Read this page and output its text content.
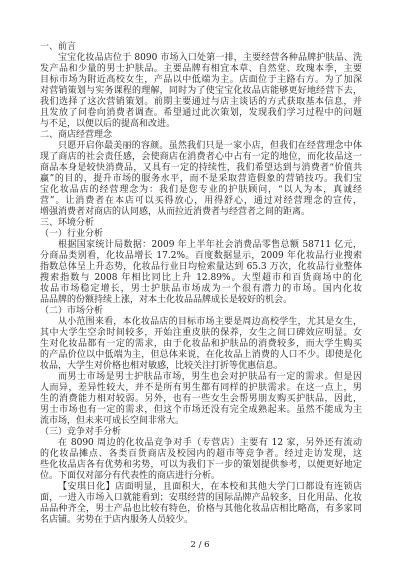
一、前言
宝宝化妆品店位于 8090 市场入口处第一排，主要经营各种品牌护肤品、洗
发产品和少量的男士护肤品。主要品牌有相宜本草、自然堂、玫瑰本季，主要
目标市场为附近高校女生，产品以中低端为主。店面位于主路右方。为了加深
对营销策划与实务课程的理解，同时为了使宝宝化妆品店能够更好地经营下去，
我们选择了这次营销策划。前期主要通过与店主谈话的方式获取基本信息，并
且发放了问卷向消费者调查。希望通过此次策划，发现我们学习过程中的问题
与不足，以便以后的提高和改进。
二、商店经营理念
只愿开启你最美丽的容颜。虽然我们只是一家小店，但我们在经营理念中体
现了商店的社会责任感，会使商店在消费者心中占有一定的地位，而化妆品这一
商品本身是较快消费品，又具有一定的持续性，我们希望达到与消费者“价值共
赢”的目的，提升市场的服务水平，而不是采取营造假象的营销技巧。我们宝
宝化妆品店的经营理念为：我们是您专业的护肤顾问，“以人为本，真诚经
营”。让消费者在本店可以买得放心，用得舒心，通过对经营理念的宣传，
增强消费者对商店的认同感，从而拉近消费者与经营者之间的距离。
三、环境分析
（一）行业分析
根据国家统计局数据：2009 年上半年社会消费品零售总额 58711 亿元，
分商品类别看，化妆品增长 17.2%。百度数据显示，2009 年化妆品行业搜索
指数总体呈上升态势，化妆品行业日均检索量达到 65.3 万次，化妆品行业整体
搜索指数与 2008 年相比同比上升 12.89%。大型超市和百货商场中的化
妆品市场稳定增长，男士护肤品市场成为一个很有潜力的市场。国内化妆
品品牌的份额持续上涨，对本土化妆品品牌成长是较好的机会。
（二）市场分析
从小范围来看，本化妆品店的目标市场主要是周边高校学生，尤其是女生，
其中大学生空余时间较多，开始注重皮肤的保养，女生之间口碑效应明显。女
生对化妆品都有一定的需求，由于化妆品和护肤品的消费较多，而大学生购买
的产品价位以中低端为主，但总体来说，在化妆品上消费的人口不少。即使是化
妆品，大学生对价格也相对敏感，比较关注打折等优惠信息。
而男士市场是男士护肤品市场，男生也会对护肤品有一定的需求。但是因
人而异，差异性较大，并不是所有男生都有同样的护肤需求。在这一点上，男
生的消费能力相对较弱。另外，也有一些女生会帮男朋友购买护肤品，因此，
男士市场也有一定的需求，但这个市场还没有完全成熟起来。虽然不能成为主
流市场，但未来可成长空间非常大。
（三）竞争对手分析
在 8090 周边的化妆品竞争对手（专营店）主要有 12 家，另外还有流动
的化妆品摊点、各类百货商店及校园内的超市等竞争者。经过走访发现，这
些化妆品店各有优势和劣势，可以为我们下一步的策划提供参考，以便更好地定
位。下面仅对部分有代表性的商店进行分析。
【安琪日化】店面明显，且面积大，在本校和其他大学门口都设有连锁店
面，一进入市场入口就能看到；安琪经营的国际品牌产品较多，日化用品、化妆
品品种齐全，男士产品也比较有特色，价格与其他化妆品店相比略高，有多家同
名店铺。劣势在于店内服务人员较少。
2 / 6
